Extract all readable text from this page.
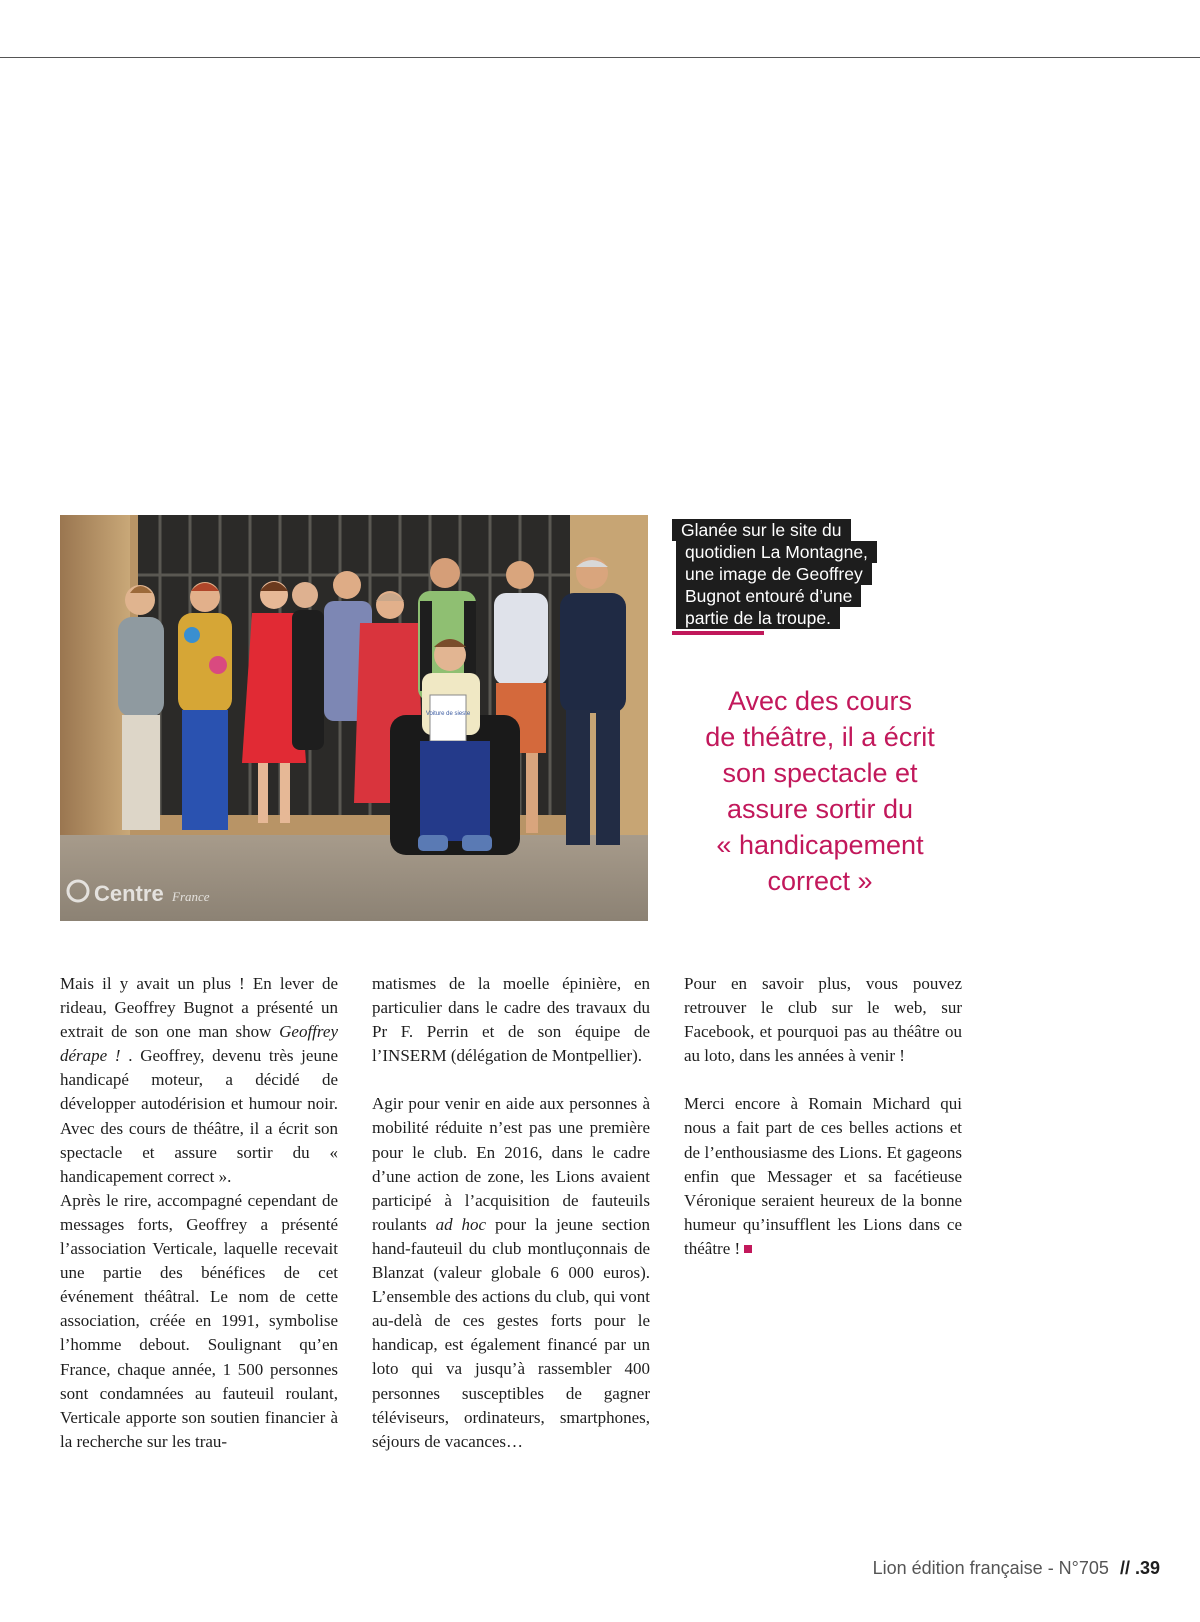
Voiture de sieste
Centre France
Glanée sur le site du
quotidien La Montagne,
une image de Geoffrey
Bugnot entouré d’une
partie de la troupe.
Avec des cours
de théâtre, il a écrit
son spectacle et
assure sortir du
« handicapement
correct »

Mais il y avait un plus ! En lever de rideau, Geoffrey Bugnot a présenté un extrait de son one man show Geoffrey dérape ! . Geoffrey, devenu très jeune handicapé moteur, a décidé de développer autodérision et humour noir. Avec des cours de théâtre, il a écrit son spectacle et assure sortir du « handicapement correct ».

Après le rire, accompagné cependant de messages forts, Geoffrey a présenté l’association Verticale, laquelle recevait une partie des bénéfices de cet événement théâtral. Le nom de cette association, créée en 1991, symbolise l’homme debout. Soulignant qu’en France, chaque année, 1 500 personnes sont condamnées au fauteuil roulant, Verticale apporte son soutien financier à la recherche sur les trau-

matismes de la moelle épinière, en particulier dans le cadre des travaux du Pr F. Perrin et de son équipe de l’INSERM (délégation de Montpellier).

Agir pour venir en aide aux personnes à mobilité réduite n’est pas une première pour le club. En 2016, dans le cadre d’une action de zone, les Lions avaient participé à l’acquisition de fauteuils roulants ad hoc pour la jeune section hand-fauteuil du club montluçonnais de Blanzat (valeur globale 6 000 euros). L’ensemble des actions du club, qui vont au-delà de ces gestes forts pour le handicap, est également financé par un loto qui va jusqu’à rassembler 400 personnes susceptibles de gagner téléviseurs, ordinateurs, smartphones, séjours de vacances…

Pour en savoir plus, vous pouvez retrouver le club sur le web, sur Facebook, et pourquoi pas au théâtre ou au loto, dans les années à venir !

Merci encore à Romain Michard qui nous a fait part de ces belles actions et de l’enthousiasme des Lions. Et gageons enfin que Messager et sa facétieuse Véronique seraient heureux de la bonne humeur qu’insufflent les Lions dans ce théâtre !

Lion édition française - N°705 // .39
